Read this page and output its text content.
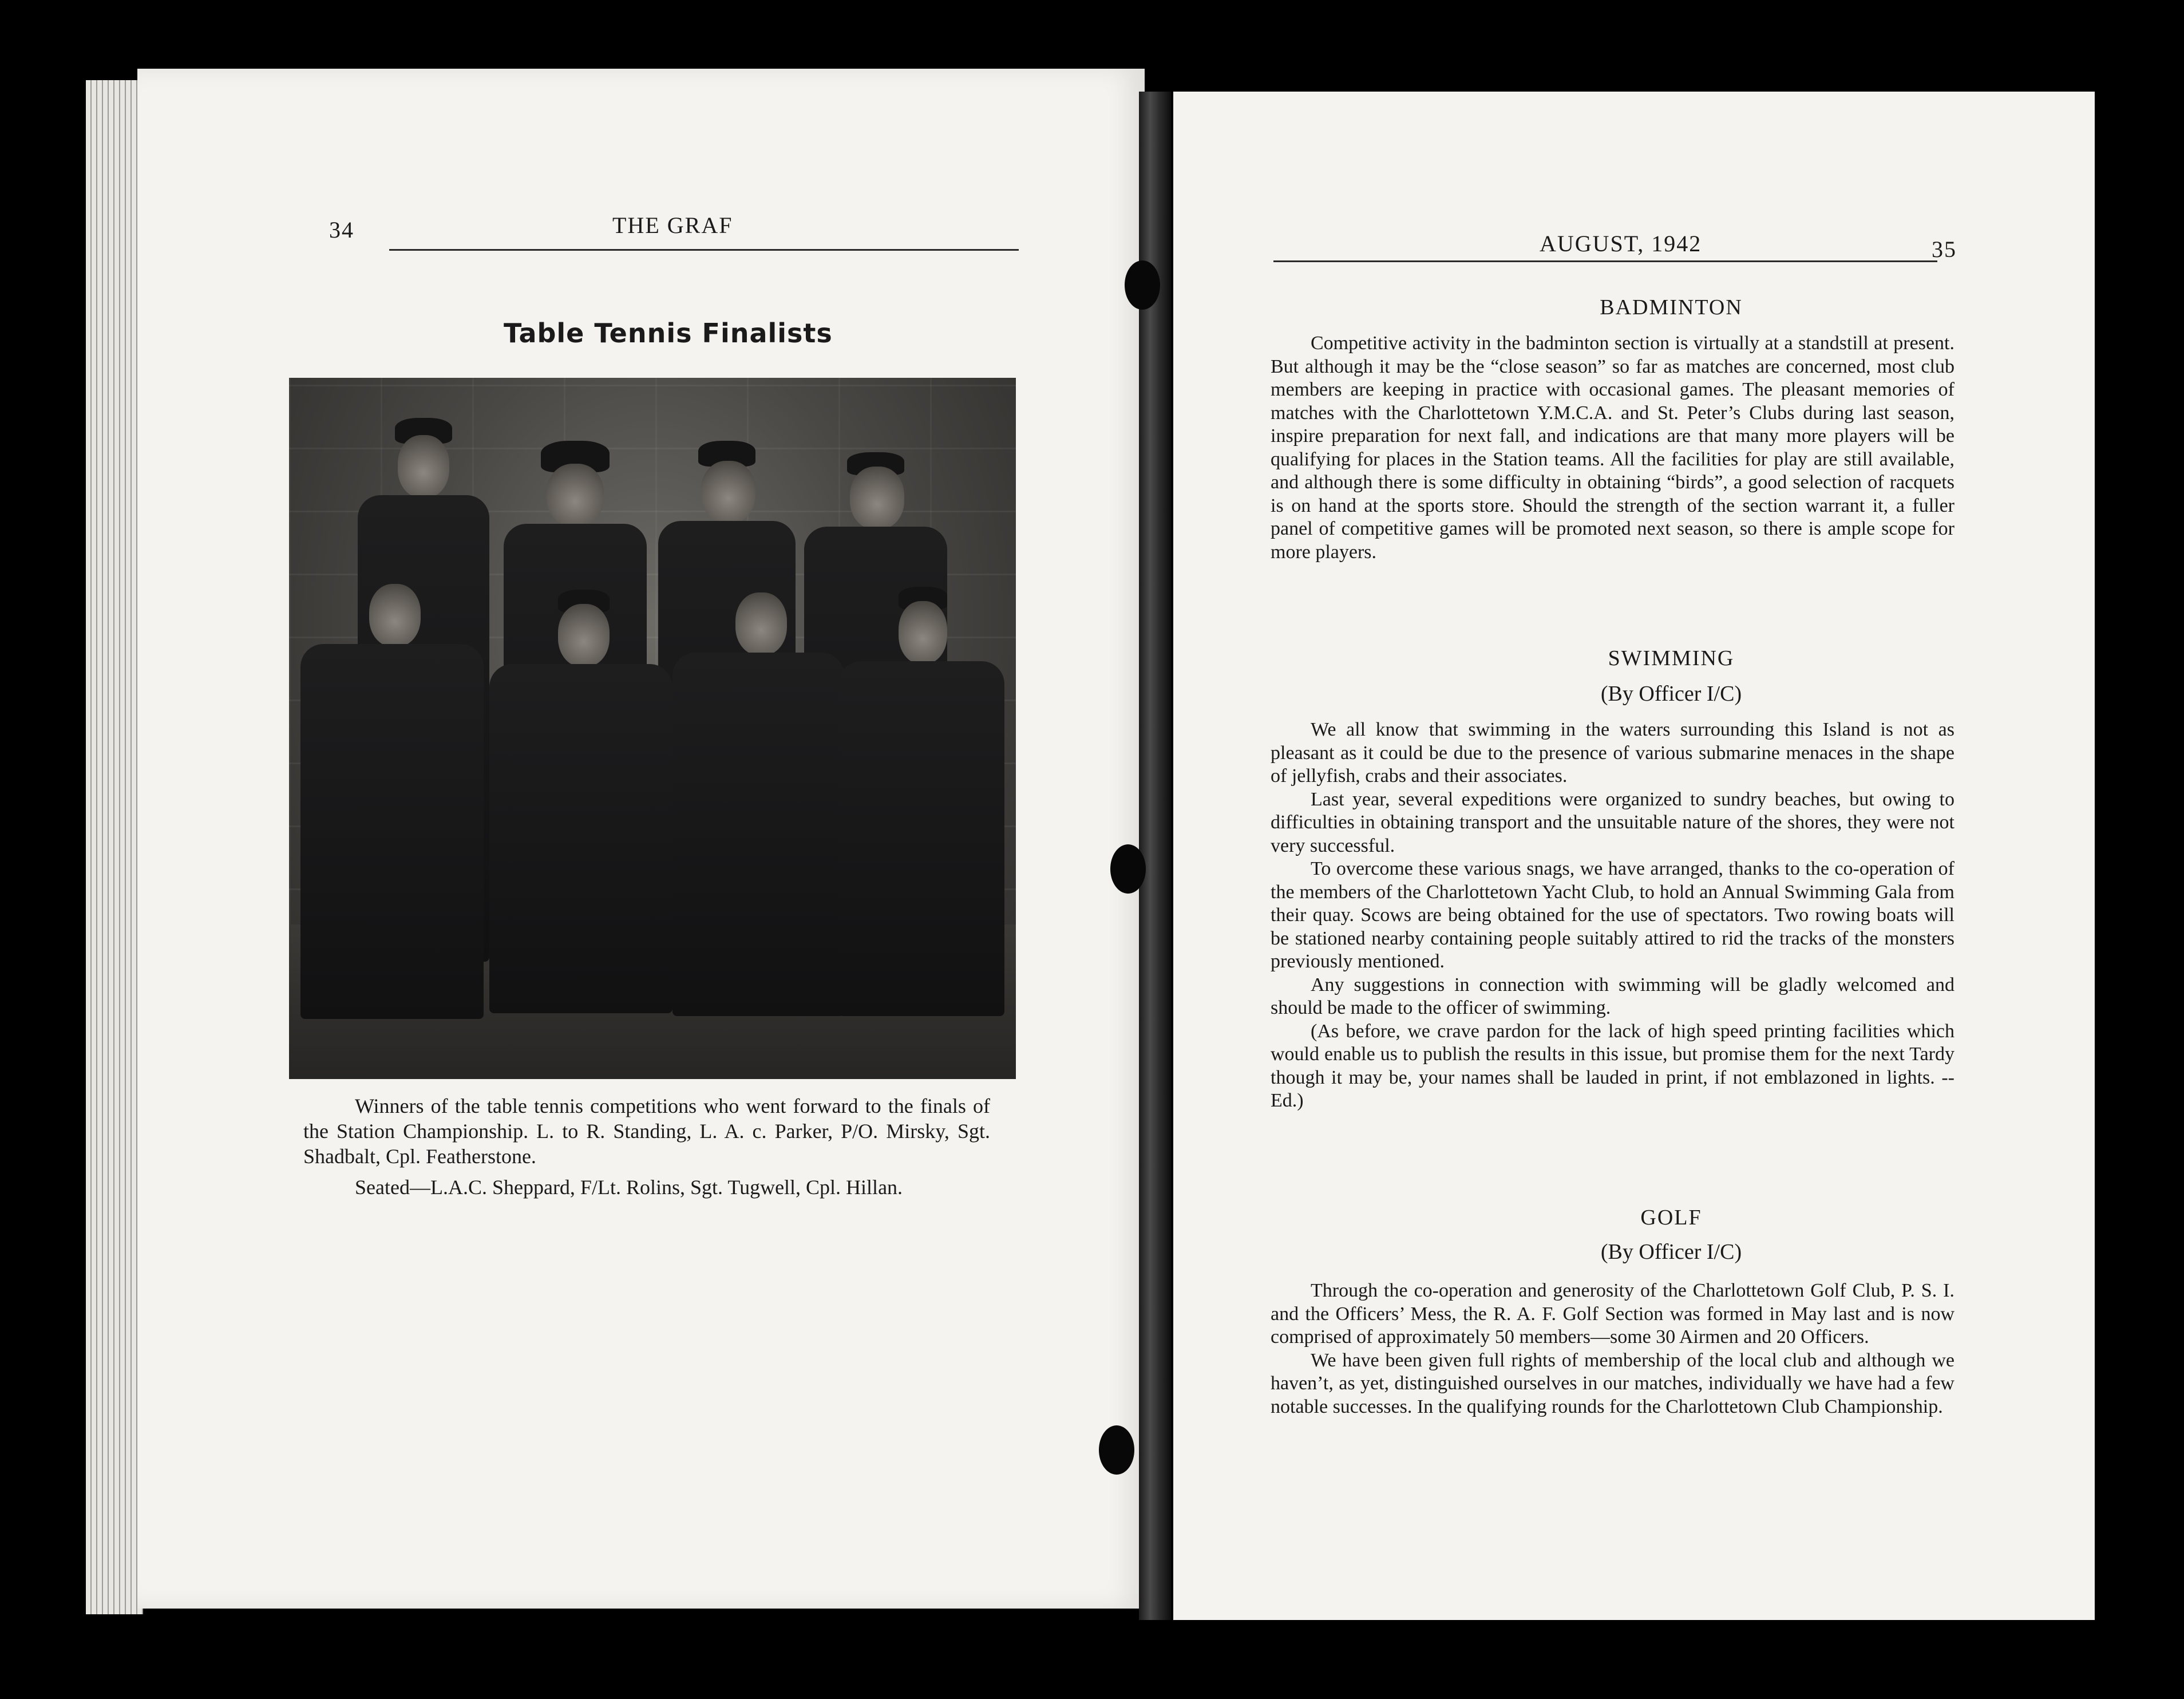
34	THE GRAF
Table Tennis Finalists

Winners of the table tennis competitions who went forward to the finals of the Station Championship. L. to R. Standing, L. A. c. Parker, P/O. Mirsky, Sgt. Shadbalt, Cpl. Featherstone.

Seated—L.A.C. Sheppard, F/Lt. Rolins, Sgt. Tugwell, Cpl. Hillan.

AUGUST, 1942	35
BADMINTON

Competitive activity in the badminton section is virtually at a standstill at present. But although it may be the “close season” so far as matches are concerned, most club members are keeping in practice with occasional games. The pleasant memories of matches with the Charlottetown Y.M.C.A. and St. Peter’s Clubs during last season, inspire preparation for next fall, and indications are that many more players will be qualifying for places in the Station teams. All the facilities for play are still available, and although there is some difficulty in obtaining “birds”, a good selection of racquets is on hand at the sports store. Should the strength of the section warrant it, a fuller panel of competitive games will be promoted next season, so there is ample scope for more players.

SWIMMING
(By Officer I/C)

We all know that swimming in the waters surrounding this Island is not as pleasant as it could be due to the presence of various submarine menaces in the shape of jellyfish, crabs and their associates.

Last year, several expeditions were organized to sundry beaches, but owing to difficulties in obtaining transport and the unsuitable nature of the shores, they were not very successful.

To overcome these various snags, we have arranged, thanks to the co-operation of the members of the Charlottetown Yacht Club, to hold an Annual Swimming Gala from their quay. Scows are being obtained for the use of spectators. Two rowing boats will be stationed nearby containing people suitably attired to rid the tracks of the monsters previously mentioned.

Any suggestions in connection with swimming will be gladly welcomed and should be made to the officer of swimming.

(As before, we crave pardon for the lack of high speed printing facilities which would enable us to publish the results in this issue, but promise them for the next Tardy though it may be, your names shall be lauded in print, if not emblazoned in lights. --Ed.)

GOLF
(By Officer I/C)

Through the co-operation and generosity of the Charlottetown Golf Club, P. S. I. and the Officers’ Mess, the R. A. F. Golf Section was formed in May last and is now comprised of approximately 50 members—some 30 Airmen and 20 Officers.

We have been given full rights of membership of the local club and although we haven’t, as yet, distinguished ourselves in our matches, individually we have had a few notable successes. In the qualifying rounds for the Charlottetown Club Championship.
